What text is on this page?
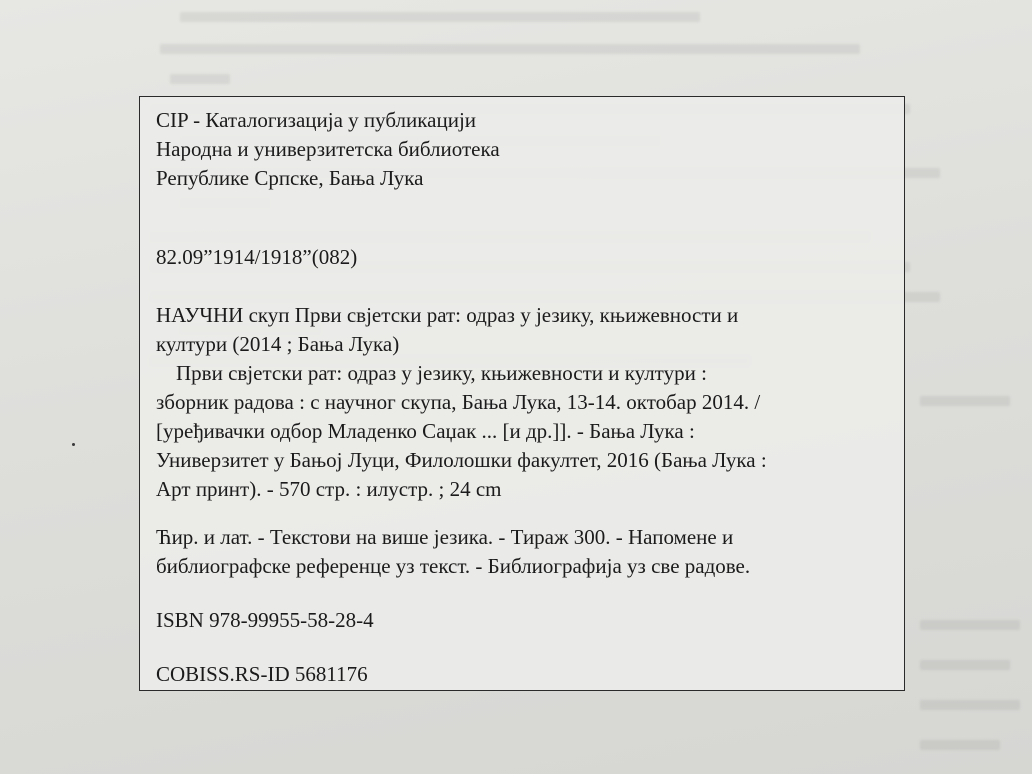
CIP - Каталогизација у публикацији
Народна и универзитетска библиотека
Републике Српске, Бања Лука
82.09”1914/1918”(082)
НАУЧНИ скуп Први свјетски рат: одраз у језику, књижевности и
култури (2014 ; Бања Лука)
Први свјетски рат: одраз у језику, књижевности и култури :
зборник радова : с научног скупа, Бања Лука, 13-14. октобар 2014. /
[уређивачки одбор Младенко Саџак ... [и др.]]. - Бања Лука :
Универзитет у Бањој Луци, Филолошки факултет, 2016 (Бања Лука :
Арт принт). - 570 стр. : илустр. ; 24 cm
Ћир. и лат. - Текстови на више језика. - Тираж 300. - Напомене и
библиографске референце уз текст. - Библиографија уз све радове.
ISBN 978-99955-58-28-4
COBISS.RS-ID 5681176
